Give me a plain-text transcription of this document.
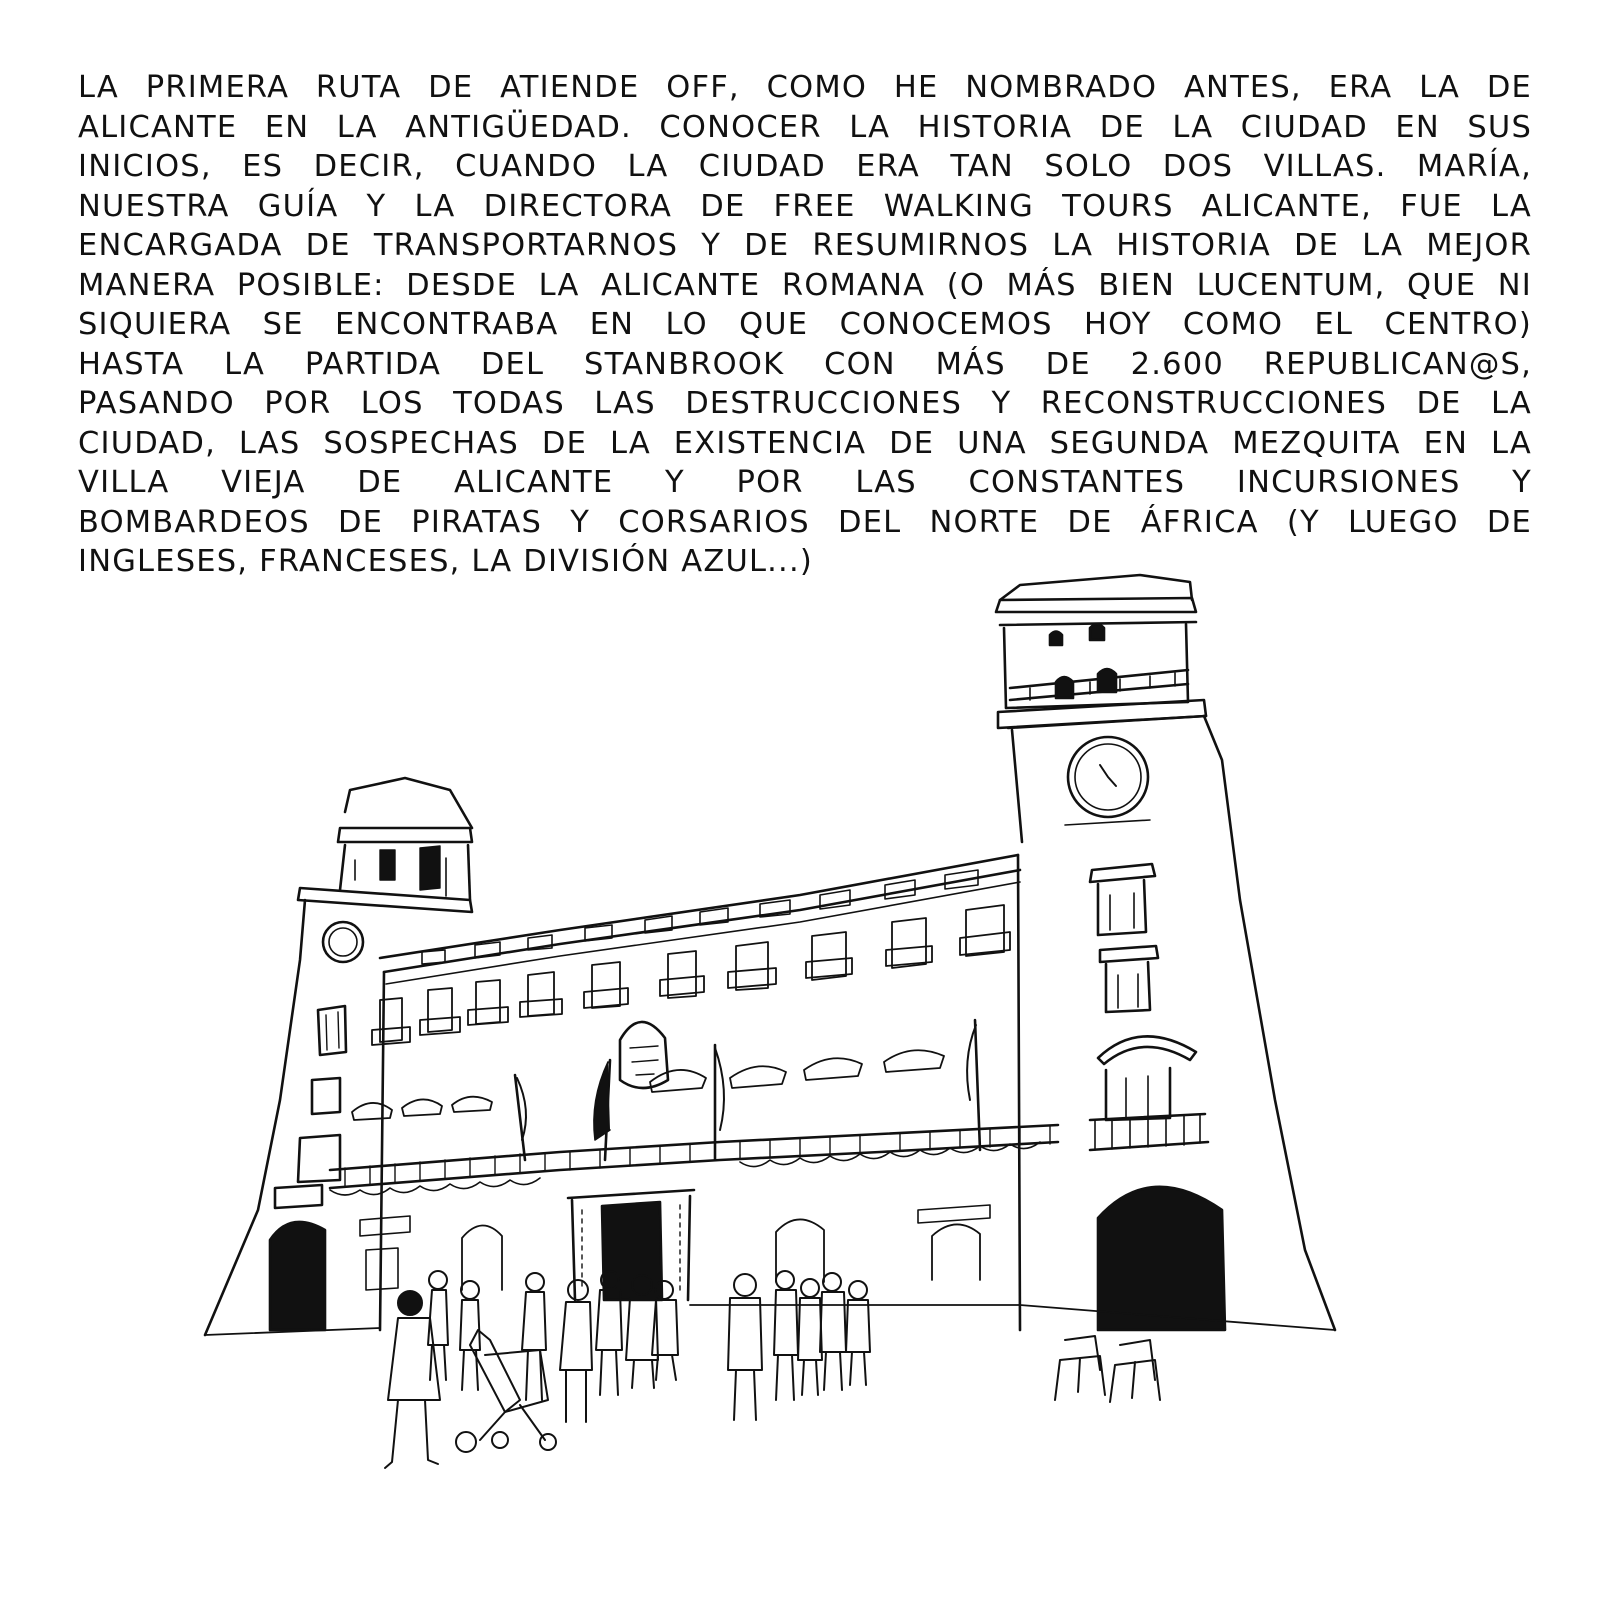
LA PRIMERA RUTA DE ATIENDE OFF, COMO HE NOMBRADO ANTES, ERA LA DE
ALICANTE EN LA ANTIGÜEDAD. CONOCER LA HISTORIA DE LA CIUDAD EN SUS
INICIOS, ES DECIR, CUANDO LA CIUDAD ERA TAN SOLO DOS VILLAS. MARÍA,
NUESTRA GUÍA Y LA DIRECTORA DE FREE WALKING TOURS ALICANTE, FUE LA
ENCARGADA DE TRANSPORTARNOS Y DE RESUMIRNOS LA HISTORIA DE LA MEJOR
MANERA POSIBLE: DESDE LA ALICANTE ROMANA (O MÁS BIEN LUCENTUM, QUE NI
SIQUIERA SE ENCONTRABA EN LO QUE CONOCEMOS HOY COMO EL CENTRO)
HASTA LA PARTIDA DEL STANBROOK CON MÁS DE 2.600 REPUBLICAN@S,
PASANDO POR LOS TODAS LAS DESTRUCCIONES Y RECONSTRUCCIONES DE LA
CIUDAD, LAS SOSPECHAS DE LA EXISTENCIA DE UNA SEGUNDA MEZQUITA EN LA
VILLA VIEJA DE ALICANTE Y POR LAS CONSTANTES INCURSIONES Y
BOMBARDEOS DE PIRATAS Y CORSARIOS DEL NORTE DE ÁFRICA (Y LUEGO DE
INGLESES, FRANCESES, LA DIVISIÓN AZUL...)
